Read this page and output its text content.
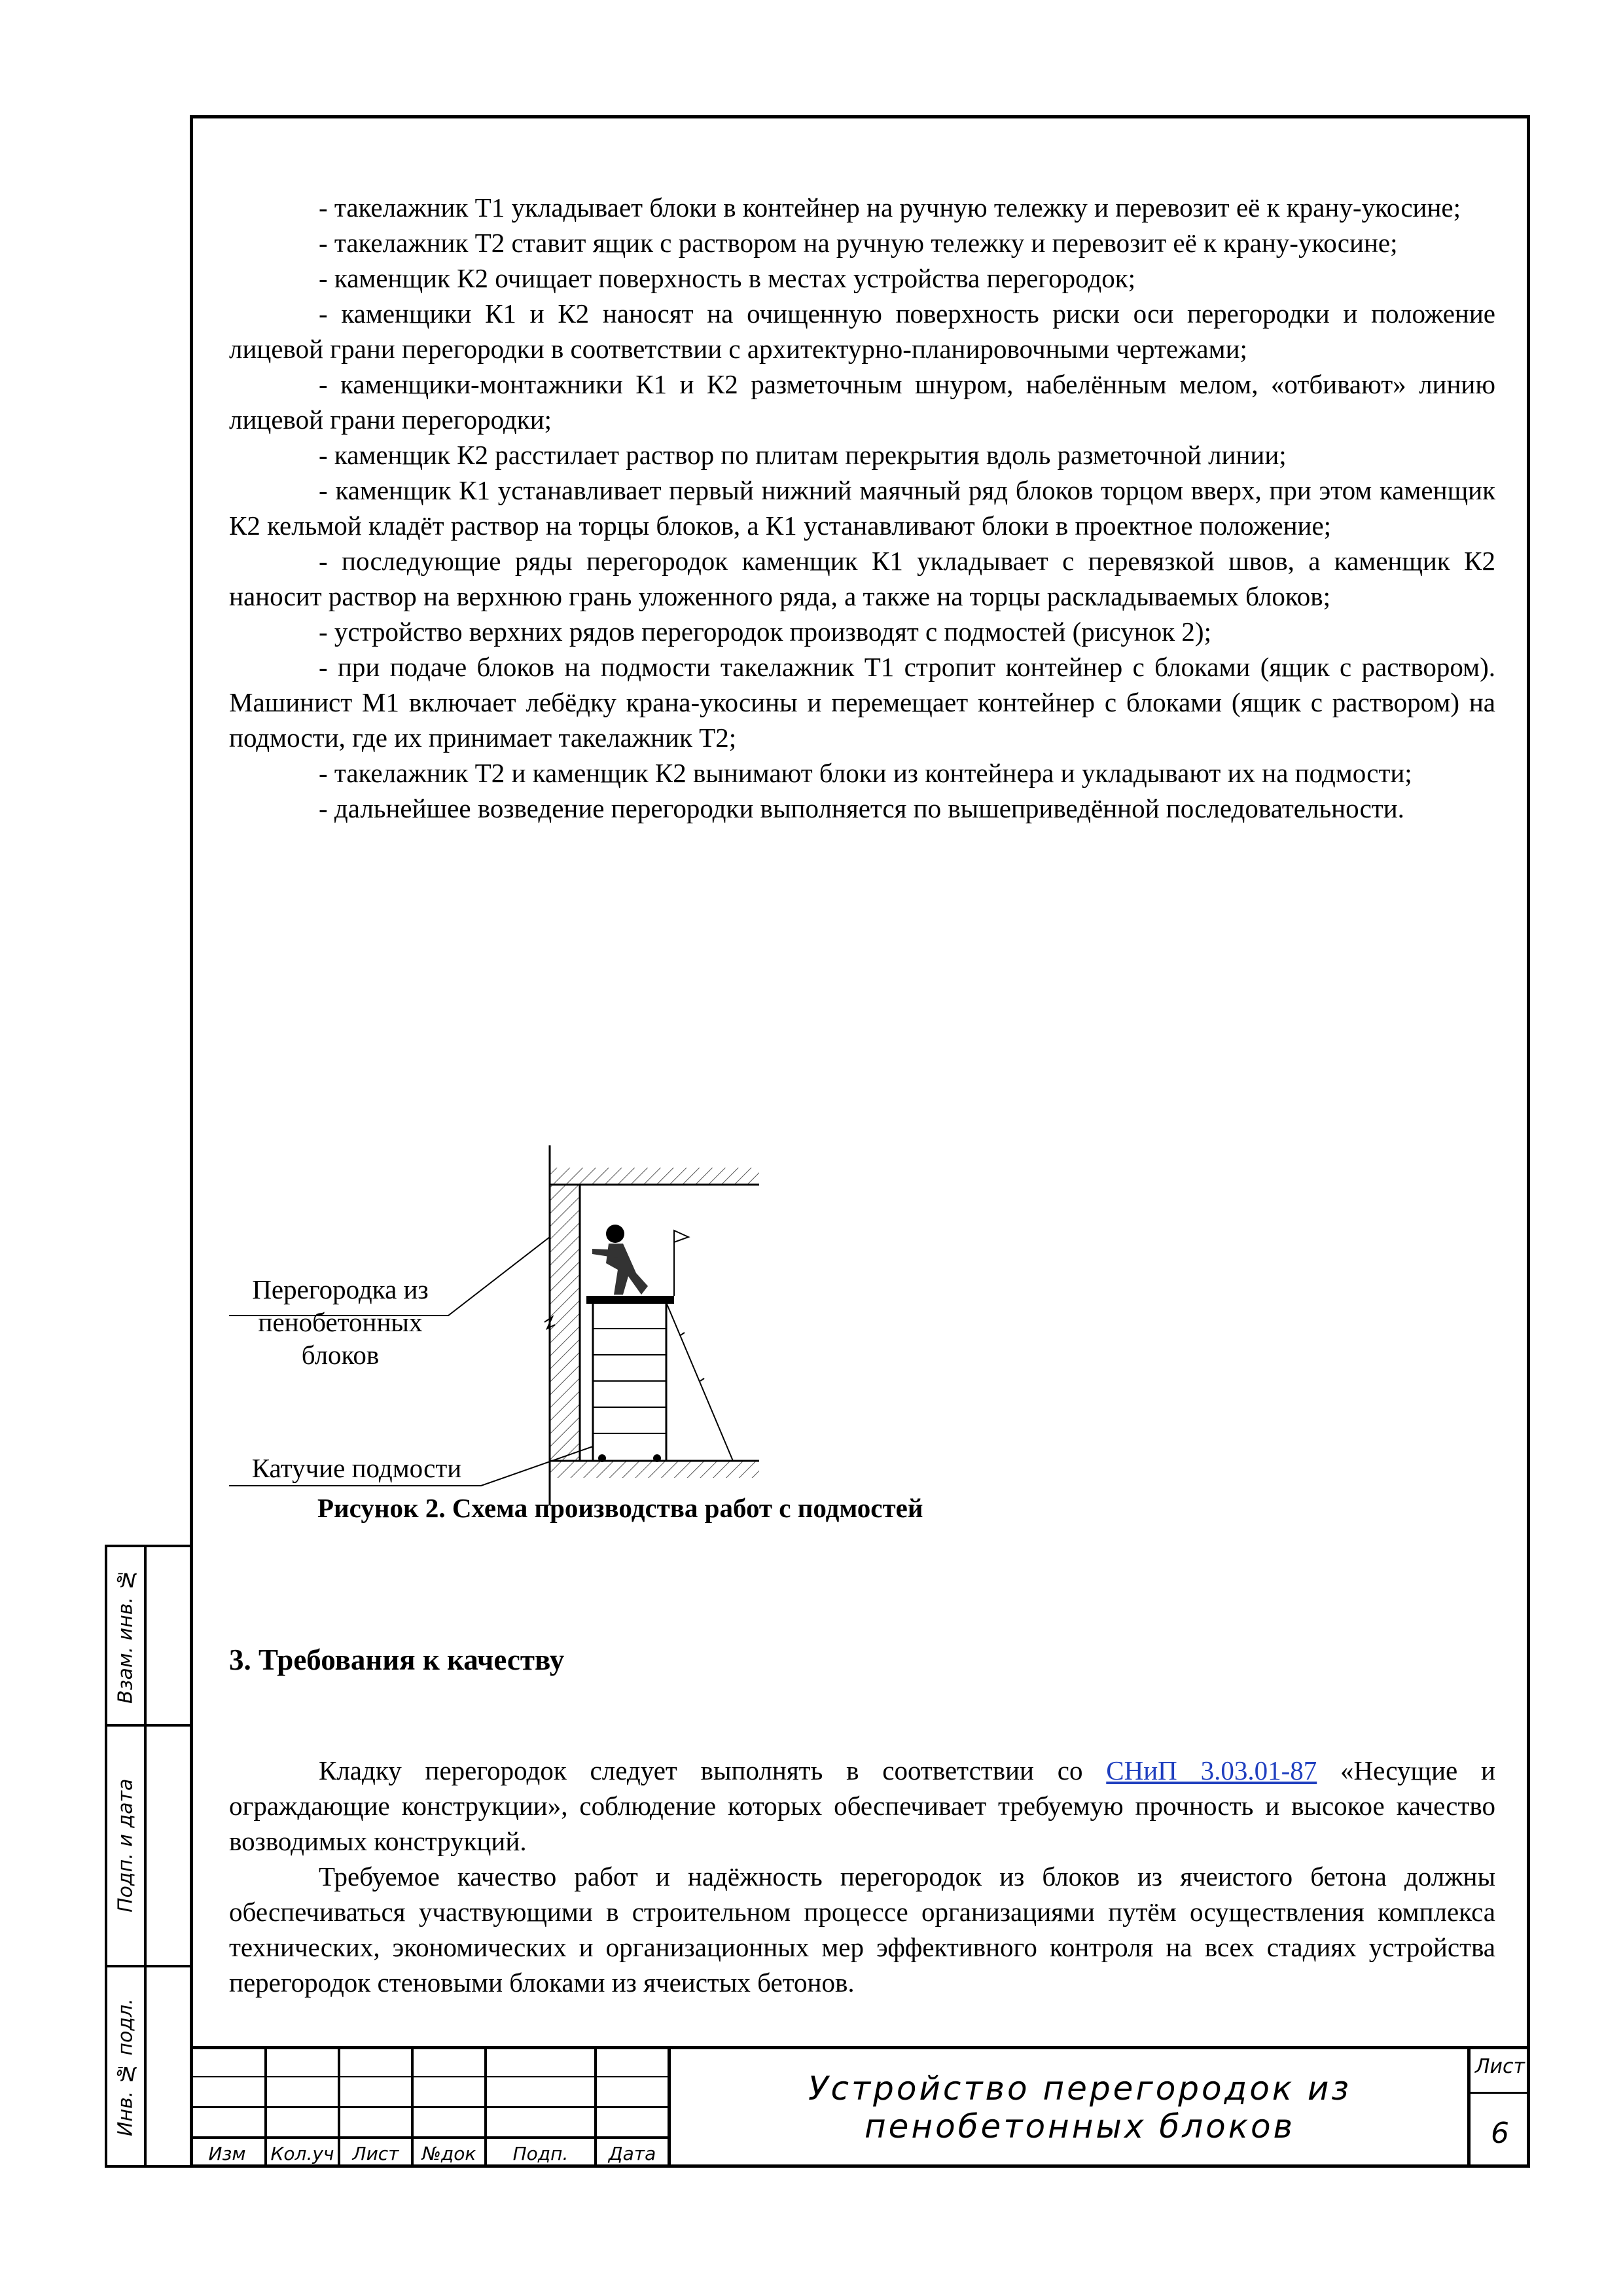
- такелажник Т1 укладывает блоки в контейнер на ручную тележку и перевозит её к крану-укосине;

- такелажник Т2 ставит ящик с раствором на ручную тележку и перевозит её к крану-укосине;

- каменщик К2 очищает поверхность в местах устройства перегородок;

- каменщики К1 и К2 наносят на очищенную поверхность риски оси перегородки и положение лицевой грани перегородки в соответствии с архитектурно-планировочными чертежами;

- каменщики-монтажники К1 и К2 разметочным шнуром, набелённым мелом, «отбивают» линию лицевой грани перегородки;

- каменщик К2 расстилает раствор по плитам перекрытия вдоль разметочной линии;

- каменщик К1 устанавливает первый нижний маячный ряд блоков торцом вверх, при этом каменщик К2 кельмой кладёт раствор на торцы блоков, а К1 устанавливают блоки в проектное положение;

- последующие ряды перегородок каменщик К1 укладывает с перевязкой швов, а каменщик К2 наносит раствор на верхнюю грань уложенного ряда, а также на торцы раскладываемых блоков;

- устройство верхних рядов перегородок производят с подмостей (рисунок 2);

- при подаче блоков на подмости такелажник Т1 стропит контейнер с блоками (ящик с раствором). Машинист М1 включает лебёдку крана-укосины и перемещает контейнер с блоками (ящик с раствором) на подмости, где их принимает такелажник Т2;

- такелажник Т2 и каменщик К2 вынимают блоки из контейнера и укладывают их на подмости;

- дальнейшее возведение перегородки выполняется по вышеприведённой последовательности.

Перегородка из
пенобетонных блоков
Катучие подмости
Рисунок 2. Схема производства работ с подмостей
3. Требования к качеству

Кладку перегородок следует выполнять в соответствии со СНиП 3.03.01-87 «Несущие и ограждающие конструкции», соблюдение которых обеспечивает требуемую прочность и высокое качество возводимых конструкций.

Требуемое качество работ и надёжность перегородок из блоков из ячеистого бетона должны обеспечиваться участвующими в строительном процессе организациями путём осуществления комплекса технических, экономических и организационных мер эффективного контроля на всех стадиях устройства перегородок стеновыми блоками из ячеистых бетонов.

Взам. инв. №
Подп. и дата
Инв. № подл.
Изм	Кол.уч	Лист	№док	Подп.	Дата
Устройство перегородок из пенобетонных блоков
Лист
6
